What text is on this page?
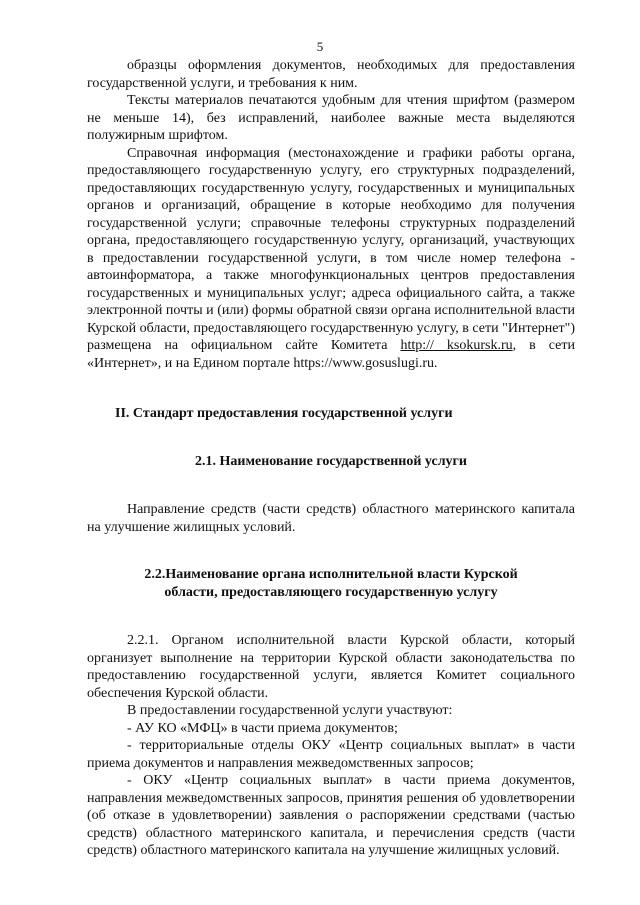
5

образцы оформления документов, необходимых для предоставления государственной услуги, и требования к ним.

Тексты материалов печатаются удобным для чтения шрифтом (размером не меньше 14), без исправлений, наиболее важные места выделяются полужирным шрифтом.

Справочная информация (местонахождение и графики работы органа, предоставляющего государственную услугу, его структурных подразделений, предоставляющих государственную услугу, государственных и муниципальных органов и организаций, обращение в которые необходимо для получения государственной услуги; справочные телефоны структурных подразделений органа, предоставляющего государственную услугу, организаций, участвующих в предоставлении государственной услуги, в том числе номер телефона - автоинформатора, а также многофункциональных центров предоставления государственных и муниципальных услуг; адреса официального сайта, а также электронной почты и (или) формы обратной связи органа исполнительной власти Курской области, предоставляющего государственную услугу, в сети "Интернет") размещена на официальном сайте Комитета http:// ksokursk.ru, в сети «Интернет», и на Едином портале https://www.gosuslugi.ru.

II. Стандарт предоставления государственной услуги

2.1. Наименование государственной услуги

Направление средств (части средств) областного материнского капитала на улучшение жилищных условий.

2.2.Наименование органа исполнительной власти Курской

области, предоставляющего государственную услугу

2.2.1. Органом исполнительной власти Курской области, который организует выполнение на территории Курской области законодательства по предоставлению государственной услуги, является Комитет социального обеспечения Курской области.

В предоставлении государственной услуги участвуют:

- АУ КО «МФЦ» в части приема документов;

- территориальные отделы ОКУ «Центр социальных выплат» в части приема документов и направления межведомственных запросов;

- ОКУ «Центр социальных выплат» в части приема документов, направления межведомственных запросов, принятия решения об удовлетворении (об отказе в удовлетворении) заявления о распоряжении средствами (частью средств) областного материнского капитала, и перечисления средств (части средств) областного материнского капитала на улучшение жилищных условий.
